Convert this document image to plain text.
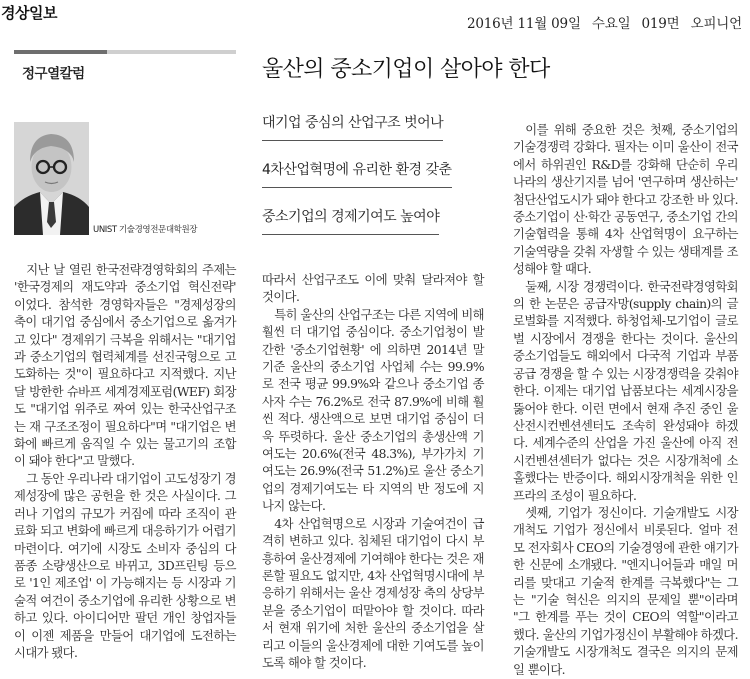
경상일보
2016년 11월 09일 수요일 019면 오피니언
정구열칼럼	울산의 중소기업이 살아야 한다
UNIST 기술경영전문대학원장
대기업 중심의 산업구조 벗어나
4차산업혁명에 유리한 환경 갖춘
중소기업의 경제기여도 높여야

지난 날 열린 한국전략경영학회의 주제는 '한국경제의 재도약과 중소기업 혁신전략' 이었다. 참석한 경영학자들은 "경제성장의 축이 대기업 중심에서 중소기업으로 옮겨가고 있다" 경제위기 극복을 위해서는 "대기업과 중소기업의 협력체계를 선진국형으로 고도화하는 것"이 필요하다고 지적했다. 지난 달 방한한 슈바프 세계경제포럼(WEF) 회장도 "대기업 위주로 짜여 있는 한국산업구조는 재 구조조정이 필요하다"며 "대기업은 변화에 빠르게 움직일 수 있는 물고기의 조합이 돼야 한다"고 말했다.

그 동안 우리나라 대기업이 고도성장기 경제성장에 많은 공헌을 한 것은 사실이다. 그러나 기업의 규모가 커짐에 따라 조직이 관료화 되고 변화에 빠르게 대응하기가 어렵기 마련이다. 여기에 시장도 소비자 중심의 다품종 소량생산으로 바뀌고, 3D프린팅 등으로 '1인 제조업' 이 가능해지는 등 시장과 기술적 여건이 중소기업에 유리한 상황으로 변하고 있다. 아이디어만 팔던 개인 창업자들이 이젠 제품을 만들어 대기업에 도전하는 시대가 됐다.

따라서 산업구조도 이에 맞춰 달라져야 할 것이다.

특히 울산의 산업구조는 다른 지역에 비해 훨씬 더 대기업 중심이다. 중소기업청이 발간한 '중소기업현황' 에 의하면 2014년 말 기준 울산의 중소기업 사업체 수는 99.9%로 전국 평균 99.9%와 같으나 중소기업 종사자 수는 76.2%로 전국 87.9%에 비해 훨씬 적다. 생산액으로 보면 대기업 중심이 더욱 뚜렷하다. 울산 중소기업의 총생산액 기여도는 20.6%(전국 48.3%), 부가가치 기여도는 26.9%(전국 51.2%)로 울산 중소기업의 경제기여도는 타 지역의 반 정도에 지나지 않는다.

4차 산업혁명으로 시장과 기술여건이 급격히 변하고 있다. 침체된 대기업이 다시 부흥하여 울산경제에 기여해야 한다는 것은 재론할 필요도 없지만, 4차 산업혁명시대에 부응하기 위해서는 울산 경제성장 축의 상당부분을 중소기업이 떠맡아야 할 것이다. 따라서 현재 위기에 처한 울산의 중소기업을 살리고 이들의 울산경제에 대한 기여도를 높이도록 해야 할 것이다.

이를 위해 중요한 것은 첫째, 중소기업의 기술경쟁력 강화다. 필자는 이미 울산이 전국에서 하위권인 R&D를 강화해 단순히 우리나라의 생산기지를 넘어 '연구하며 생산하는' 첨단산업도시가 돼야 한다고 강조한 바 있다. 중소기업이 산·학간 공동연구, 중소기업 간의 기술협력을 통해 4차 산업혁명이 요구하는 기술역량을 갖춰 자생할 수 있는 생태계를 조성해야 할 때다.

둘째, 시장 경쟁력이다. 한국전략경영학회의 한 논문은 공급자망(supply chain)의 글로벌화를 지적했다. 하청업체-모기업이 글로벌 시장에서 경쟁을 한다는 것이다. 울산의 중소기업들도 해외에서 다국적 기업과 부품공급 경쟁을 할 수 있는 시장경쟁력을 갖춰야 한다. 이제는 대기업 납품보다는 세계시장을 뚫어야 한다. 이런 면에서 현재 추진 중인 울산전시컨벤션센터도 조속히 완성돼야 하겠다. 세계수준의 산업을 가진 울산에 아직 전시컨벤션센터가 없다는 것은 시장개척에 소홀했다는 반증이다. 해외시장개척을 위한 인프라의 조성이 필요하다.

셋째, 기업가 정신이다. 기술개발도 시장개척도 기업가 정신에서 비롯된다. 얼마 전 모 전자회사 CEO의 기술경영에 관한 얘기가 한 신문에 소개됐다. "엔지니어들과 매일 머리를 맞대고 기술적 한계를 극복했다"는 그는 "기술 혁신은 의지의 문제일 뿐"이라며 "그 한계를 푸는 것이 CEO의 역할"이라고 했다. 울산의 기업가정신이 부활해야 하겠다. 기술개발도 시장개척도 결국은 의지의 문제일 뿐이다.
